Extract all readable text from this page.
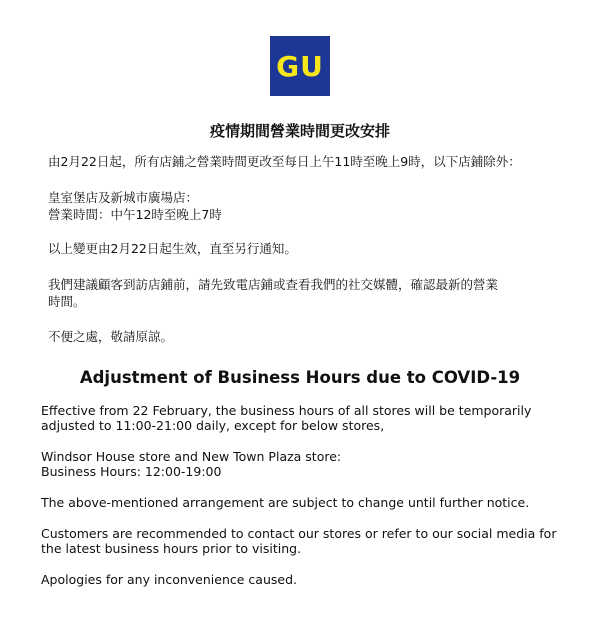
GU
疫情期間營業時間更改安排
由2月22日起，所有店鋪之營業時間更改至每日上午11時至晚上9時，以下店鋪除外：
皇室堡店及新城市廣場店：
營業時間：中午12時至晚上7時
以上變更由2月22日起生效，直至另行通知。
我們建議顧客到訪店鋪前，請先致電店鋪或查看我們的社交媒體，確認最新的營業
時間。
不便之處，敬請原諒。
Adjustment of Business Hours due to COVID-19
Effective from 22 February, the business hours of all stores will be temporarily
adjusted to 11:00-21:00 daily, except for below stores,
Windsor House store and New Town Plaza store:
Business Hours: 12:00-19:00
The above-mentioned arrangement are subject to change until further notice.
Customers are recommended to contact our stores or refer to our social media for
the latest business hours prior to visiting.
Apologies for any inconvenience caused.
